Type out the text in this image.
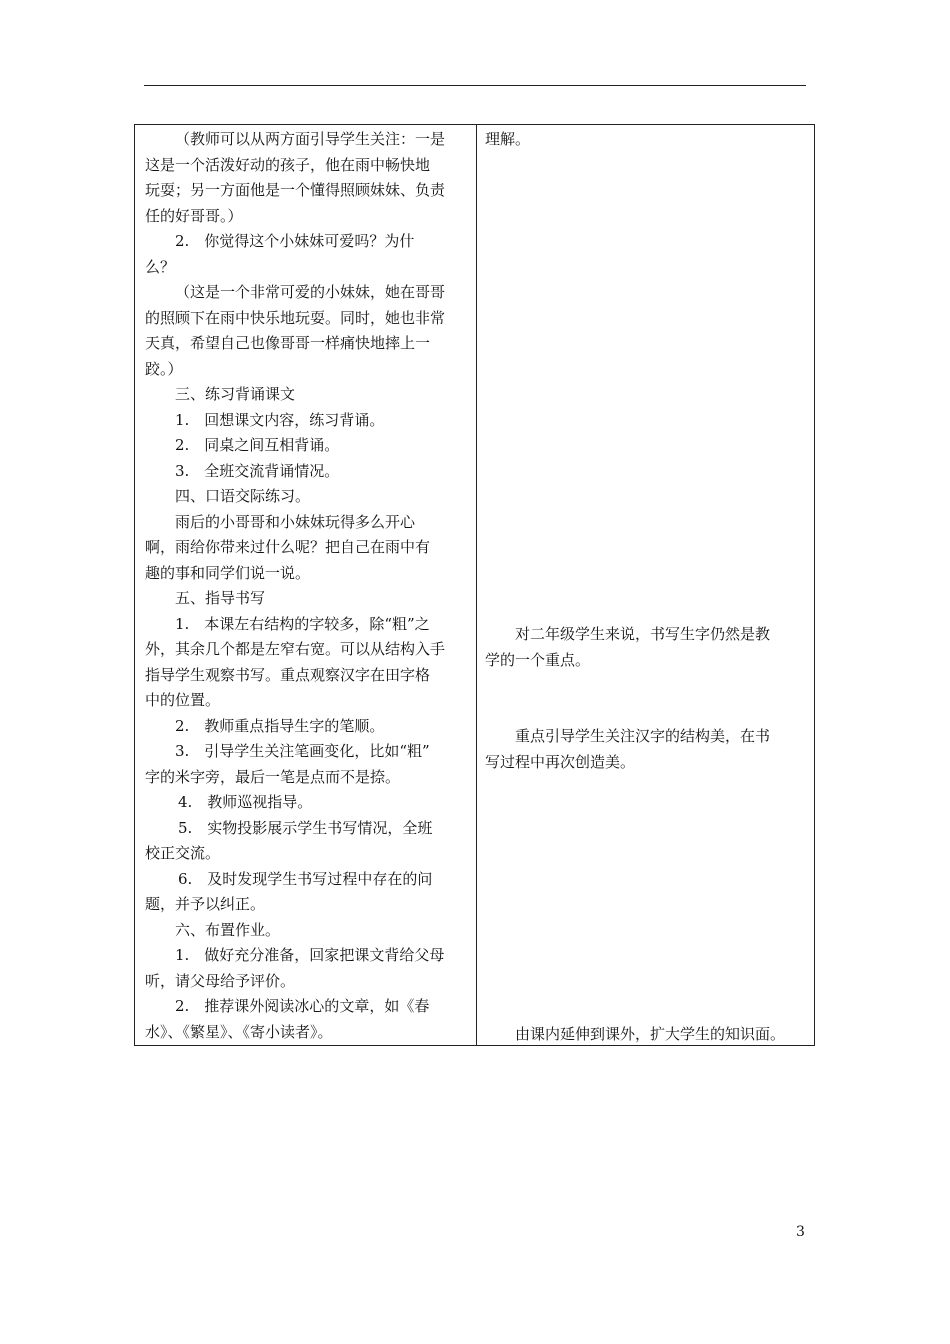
（教师可以从两方面引导学生关注：一是
这是一个活泼好动的孩子，他在雨中畅快地
玩耍；另一方面他是一个懂得照顾妹妹、负责
任的好哥哥。）
2.　你觉得这个小妹妹可爱吗？为什
么？
（这是一个非常可爱的小妹妹，她在哥哥
的照顾下在雨中快乐地玩耍。同时，她也非常
天真，希望自己也像哥哥一样痛快地摔上一
跤。）
三、练习背诵课文
1.　回想课文内容，练习背诵。
2.　同桌之间互相背诵。
3.　全班交流背诵情况。
四、口语交际练习。
雨后的小哥哥和小妹妹玩得多么开心
啊，雨给你带来过什么呢？把自己在雨中有
趣的事和同学们说一说。
五、指导书写
1.　本课左右结构的字较多，除“粗”之
外，其余几个都是左窄右宽。可以从结构入手
指导学生观察书写。重点观察汉字在田字格
中的位置。
2.　教师重点指导生字的笔顺。
3.　引导学生关注笔画变化，比如“粗”
字的米字旁，最后一笔是点而不是捺。
4.　教师巡视指导。
5.　实物投影展示学生书写情况，全班
校正交流。
6.　及时发现学生书写过程中存在的问
题，并予以纠正。
六、布置作业。
1.　做好充分准备，回家把课文背给父母
听，请父母给予评价。
2.　推荐课外阅读冰心的文章，如《春
水》、《繁星》、《寄小读者》。
理解。
对二年级学生来说，书写生字仍然是教
学的一个重点。
重点引导学生关注汉字的结构美，在书
写过程中再次创造美。
由课内延伸到课外，扩大学生的知识面。
3
